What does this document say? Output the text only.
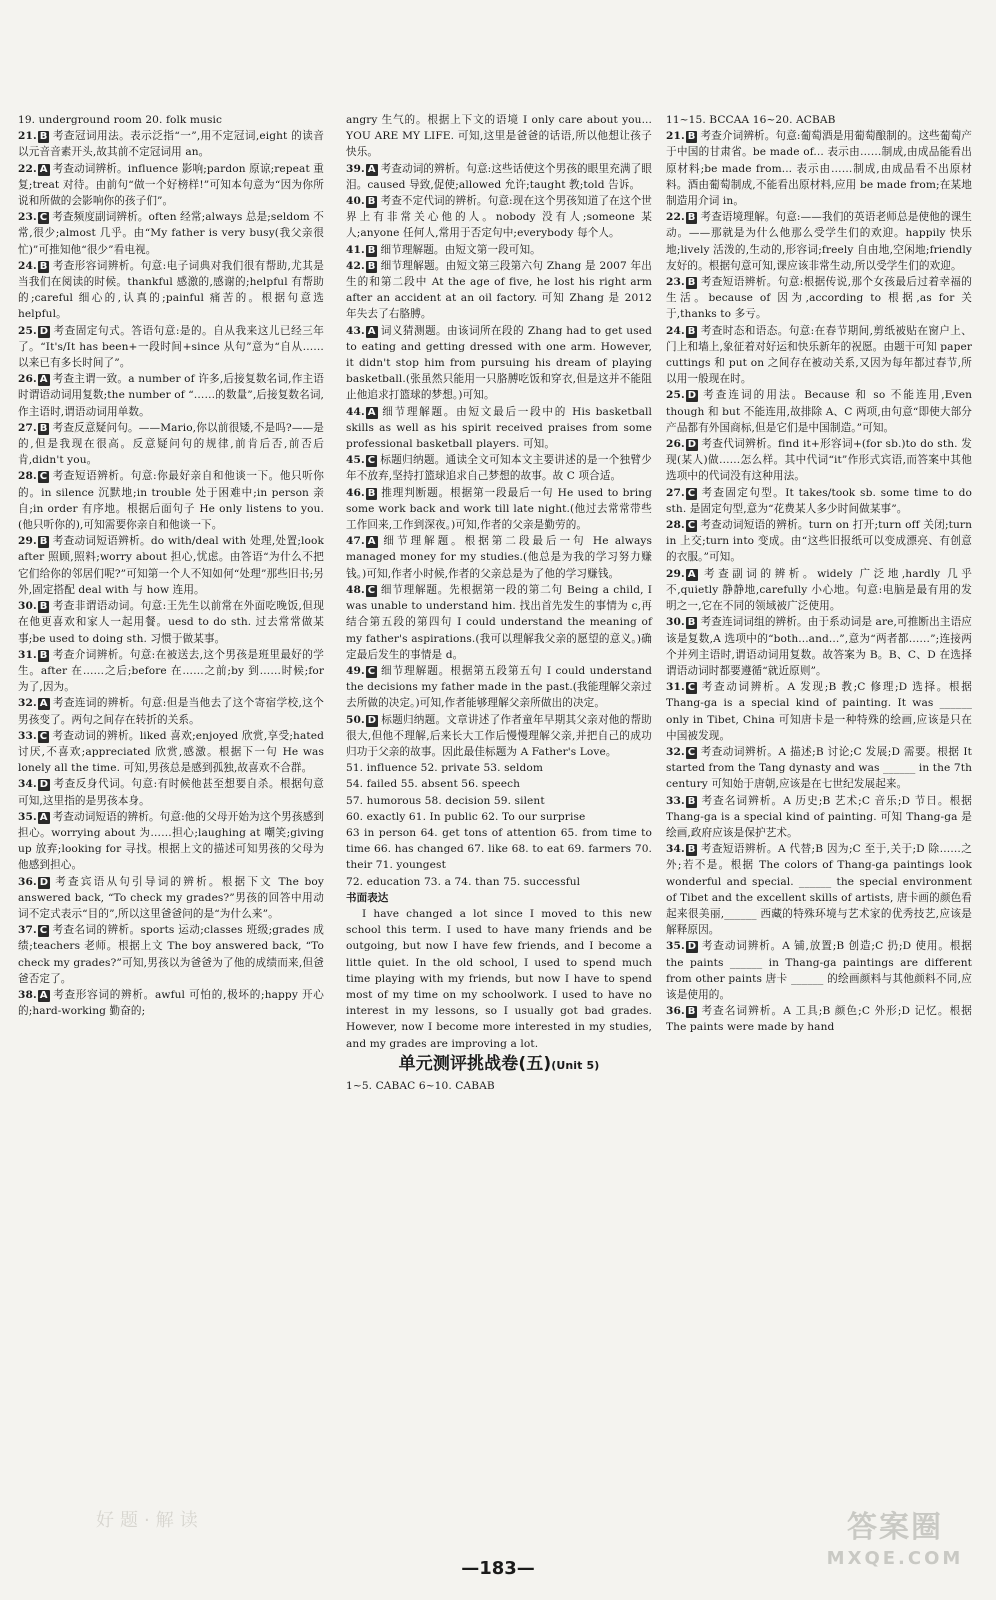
19. underground room 20. folk music
21. B 考查冠词用法。表示泛指“一”,用不定冠词,eight 的读音以元音音素开头,故其前不定冠词用 an。
22. A 考查动词辨析。influence 影响;pardon 原谅;repeat 重复;treat 对待。由前句“做一个好榜样!”可知本句意为“因为你所说和所做的会影响你的孩子们”。
23. C 考查频度副词辨析。often 经常;always 总是;seldom 不常,很少;almost 几乎。由“My father is very busy(我父亲很忙)”可推知他“很少”看电视。
24. B 考查形容词辨析。句意:电子词典对我们很有帮助,尤其是当我们在阅读的时候。thankful 感激的,感谢的;helpful 有帮助的;careful 细心的,认真的;painful 痛苦的。根据句意选 helpful。
25. D 考查固定句式。答语句意:是的。自从我来这儿已经三年了。“It's/It has been+一段时间+since 从句”意为“自从……以来已有多长时间了”。
26. A 考查主谓一致。a number of 许多,后接复数名词,作主语时谓语动词用复数;the number of “……的数量”,后接复数名词,作主语时,谓语动词用单数。
27. B 考查反意疑问句。——Mario,你以前很矮,不是吗?——是的,但是我现在很高。反意疑问句的规律,前肯后否,前否后肯,didn't you。
28. C 考查短语辨析。句意:你最好亲自和他谈一下。他只听你的。in silence 沉默地;in trouble 处于困难中;in person 亲自;in order 有序地。根据后面句子 He only listens to you.(他只听你的),可知需要你亲自和他谈一下。
29. B 考查动词短语辨析。do with/deal with 处理,处置;look after 照顾,照料;worry about 担心,忧虑。由答语“为什么不把它们给你的邻居们呢?”可知第一个人不知如何“处理”那些旧书;另外,固定搭配 deal with 与 how 连用。
30. B 考查非谓语动词。句意:王先生以前常在外面吃晚饭,但现在他更喜欢和家人一起用餐。uesd to do sth. 过去常常做某事;be used to doing sth. 习惯于做某事。
31. B 考查介词辨析。句意:在被送去,这个男孩是班里最好的学生。after 在……之后;before 在……之前;by 到……时候;for 为了,因为。
32. A 考查连词的辨析。句意:但是当他去了这个寄宿学校,这个男孩变了。两句之间存在转折的关系。
33. C 考查动词的辨析。liked 喜欢;enjoyed 欣赏,享受;hated 讨厌,不喜欢;appreciated 欣赏,感激。根据下一句 He was lonely all the time. 可知,男孩总是感到孤独,故喜欢不合群。
34. D 考查反身代词。句意:有时候他甚至想要自杀。根据句意可知,这里指的是男孩本身。
35. A 考查动词短语的辨析。句意:他的父母开始为这个男孩感到担心。worrying about 为……担心;laughing at 嘲笑;giving up 放弃;looking for 寻找。根据上文的描述可知男孩的父母为他感到担心。
36. D 考查宾语从句引导词的辨析。根据下文 The boy answered back, “To check my grades?”男孩的回答中用动词不定式表示“目的”,所以这里爸爸问的是“为什么来”。
37. C 考查名词的辨析。sports 运动;classes 班级;grades 成绩;teachers 老师。根据上文 The boy answered back, “To check my grades?”可知,男孩以为爸爸为了他的成绩而来,但爸爸否定了。
38. A 考查形容词的辨析。awful 可怕的,极坏的;happy 开心的;hard-working 勤奋的;
angry 生气的。根据上下文的语境 I only care about you... YOU ARE MY LIFE. 可知,这里是爸爸的话语,所以他想让孩子快乐。
39. A 考查动词的辨析。句意:这些话使这个男孩的眼里充满了眼泪。caused 导致,促使;allowed 允许;taught 教;told 告诉。
40. B 考查不定代词的辨析。句意:现在这个男孩知道了在这个世界上有非常关心他的人。nobody 没有人;someone 某人;anyone 任何人,常用于否定句中;everybody 每个人。
41. B 细节理解题。由短文第一段可知。
42. B 细节理解题。由短文第三段第六句 Zhang 是 2007 年出生的和第二段中 At the age of five, he lost his right arm after an accident at an oil factory. 可知 Zhang 是 2012 年失去了右胳膊。
43. A 词义猜测题。由该词所在段的 Zhang had to get used to eating and getting dressed with one arm. However, it didn't stop him from pursuing his dream of playing basketball.(张虽然只能用一只胳膊吃饭和穿衣,但是这并不能阻止他追求打篮球的梦想。)可知。
44. A 细节理解题。由短文最后一段中的 His basketball skills as well as his spirit received praises from some professional basketball players. 可知。
45. C 标题归纳题。通读全文可知本文主要讲述的是一个独臂少年不放弃,坚持打篮球追求自己梦想的故事。故 C 项合适。
46. B 推理判断题。根据第一段最后一句 He used to bring some work back and work till late night.(他过去常常带些工作回来,工作到深夜。)可知,作者的父亲是勤劳的。
47. A 细节理解题。根据第二段最后一句 He always managed money for my studies.(他总是为我的学习努力赚钱。)可知,作者小时候,作者的父亲总是为了他的学习赚钱。
48. C 细节理解题。先根据第一段的第二句 Being a child, I was unable to understand him. 找出首先发生的事情为 c,再结合第五段的第四句 I could understand the meaning of my father's aspirations.(我可以理解我父亲的愿望的意义。)确定最后发生的事情是 d。
49. C 细节理解题。根据第五段第五句 I could understand the decisions my father made in the past.(我能理解父亲过去所做的决定。)可知,作者能够理解父亲所做出的决定。
50. D 标题归纳题。文章讲述了作者童年早期其父亲对他的帮助很大,但他不理解,后来长大工作后慢慢理解父亲,并把自己的成功归功于父亲的故事。因此最佳标题为 A Father's Love。
51. influence 52. private 53. seldom
54. failed 55. absent 56. speech
57. humorous 58. decision 59. silent
60. exactly 61. In public 62. To our surprise
63 in person 64. get tons of attention 65. from time to time 66. has changed 67. like 68. to eat 69. farmers 70. their 71. youngest
72. education 73. a 74. than 75. successful
书面表达

I have changed a lot since I moved to this new school this term. I used to have many friends and be outgoing, but now I have few friends, and I become a little quiet. In the old school, I used to spend much time playing with my friends, but now I have to spend most of my time on my schoolwork. I used to have no interest in my lessons, so I usually got bad grades. However, now I become more interested in my studies, and my grades are improving a lot.

单元测评挑战卷(五)(Unit 5)
1~5. CABAC 6~10. CABAB
11~15. BCCAA 16~20. ACBAB
21. B 考查介词辨析。句意:葡萄酒是用葡萄酿制的。这些葡萄产于中国的甘肃省。be made of... 表示由……制成,由成品能看出原材料;be made from... 表示由……制成,由成品看不出原材料。酒由葡萄制成,不能看出原材料,应用 be made from;在某地制造用介词 in。
22. B 考查语境理解。句意:——我们的英语老师总是使他的课生动。——那就是为什么他那么受学生们的欢迎。happily 快乐地;lively 活泼的,生动的,形容词;freely 自由地,空闲地;friendly 友好的。根据句意可知,课应该非常生动,所以受学生们的欢迎。
23. B 考查短语辨析。句意:根据传说,那个女孩最后过着幸福的生活。because of 因为,according to 根据,as for 关于,thanks to 多亏。
24. B 考查时态和语态。句意:在春节期间,剪纸被贴在窗户上、门上和墙上,象征着对好运和快乐新年的祝愿。由题干可知 paper cuttings 和 put on 之间存在被动关系,又因为每年都过春节,所以用一般现在时。
25. D 考查连词的用法。Because 和 so 不能连用,Even though 和 but 不能连用,故排除 A、C 两项,由句意“即使大部分产品都有外国商标,但是它们是中国制造。”可知。
26. D 考查代词辨析。find it+形容词+(for sb.)to do sth. 发现(某人)做……怎么样。其中代词“it”作形式宾语,而答案中其他选项中的代词没有这种用法。
27. C 考查固定句型。It takes/took sb. some time to do sth. 是固定句型,意为“花费某人多少时间做某事”。
28. C 考查动词短语的辨析。turn on 打开;turn off 关闭;turn in 上交;turn into 变成。由“这些旧报纸可以变成漂亮、有创意的衣服。”可知。
29. A 考查副词的辨析。widely 广泛地,hardly 几乎不,quietly 静静地,carefully 小心地。句意:电脑是最有用的发明之一,它在不同的领域被广泛使用。
30. B 考查连词词组的辨析。由于系动词是 are,可推断出主语应该是复数,A 选项中的“both...and...”,意为“两者都……”;连接两个并列主语时,谓语动词用复数。故答案为 B。B、C、D 在选择谓语动词时都要遵循“就近原则”。
31. C 考查动词辨析。A 发现;B 教;C 修理;D 选择。根据 Thang-ga is a special kind of painting. It was ______ only in Tibet, China 可知唐卡是一种特殊的绘画,应该是只在中国被发现。
32. C 考查动词辨析。A 描述;B 讨论;C 发展;D 需要。根据 It started from the Tang dynasty and was ______ in the 7th century 可知始于唐朝,应该是在七世纪发展起来。
33. B 考查名词辨析。A 历史;B 艺术;C 音乐;D 节日。根据 Thang-ga is a special kind of painting. 可知 Thang-ga 是绘画,政府应该是保护艺术。
34. B 考查短语辨析。A 代替;B 因为;C 至于,关于;D 除……之外;若不是。根据 The colors of Thang-ga paintings look wonderful and special. ______ the special environment of Tibet and the excellent skills of artists, 唐卡画的颜色看起来很美丽,______ 西藏的特殊环境与艺术家的优秀技艺,应该是解释原因。
35. D 考查动词辨析。A 铺,放置;B 创造;C 扔;D 使用。根据 the paints ______ in Thang-ga paintings are different from other paints 唐卡 ______ 的绘画颜料与其他颜料不同,应该是使用的。
36. B 考查名词辨析。A 工具;B 颜色;C 外形;D 记忆。根据 The paints were made by hand
好题·解读
—183—
答案圈
MXQE.COM
